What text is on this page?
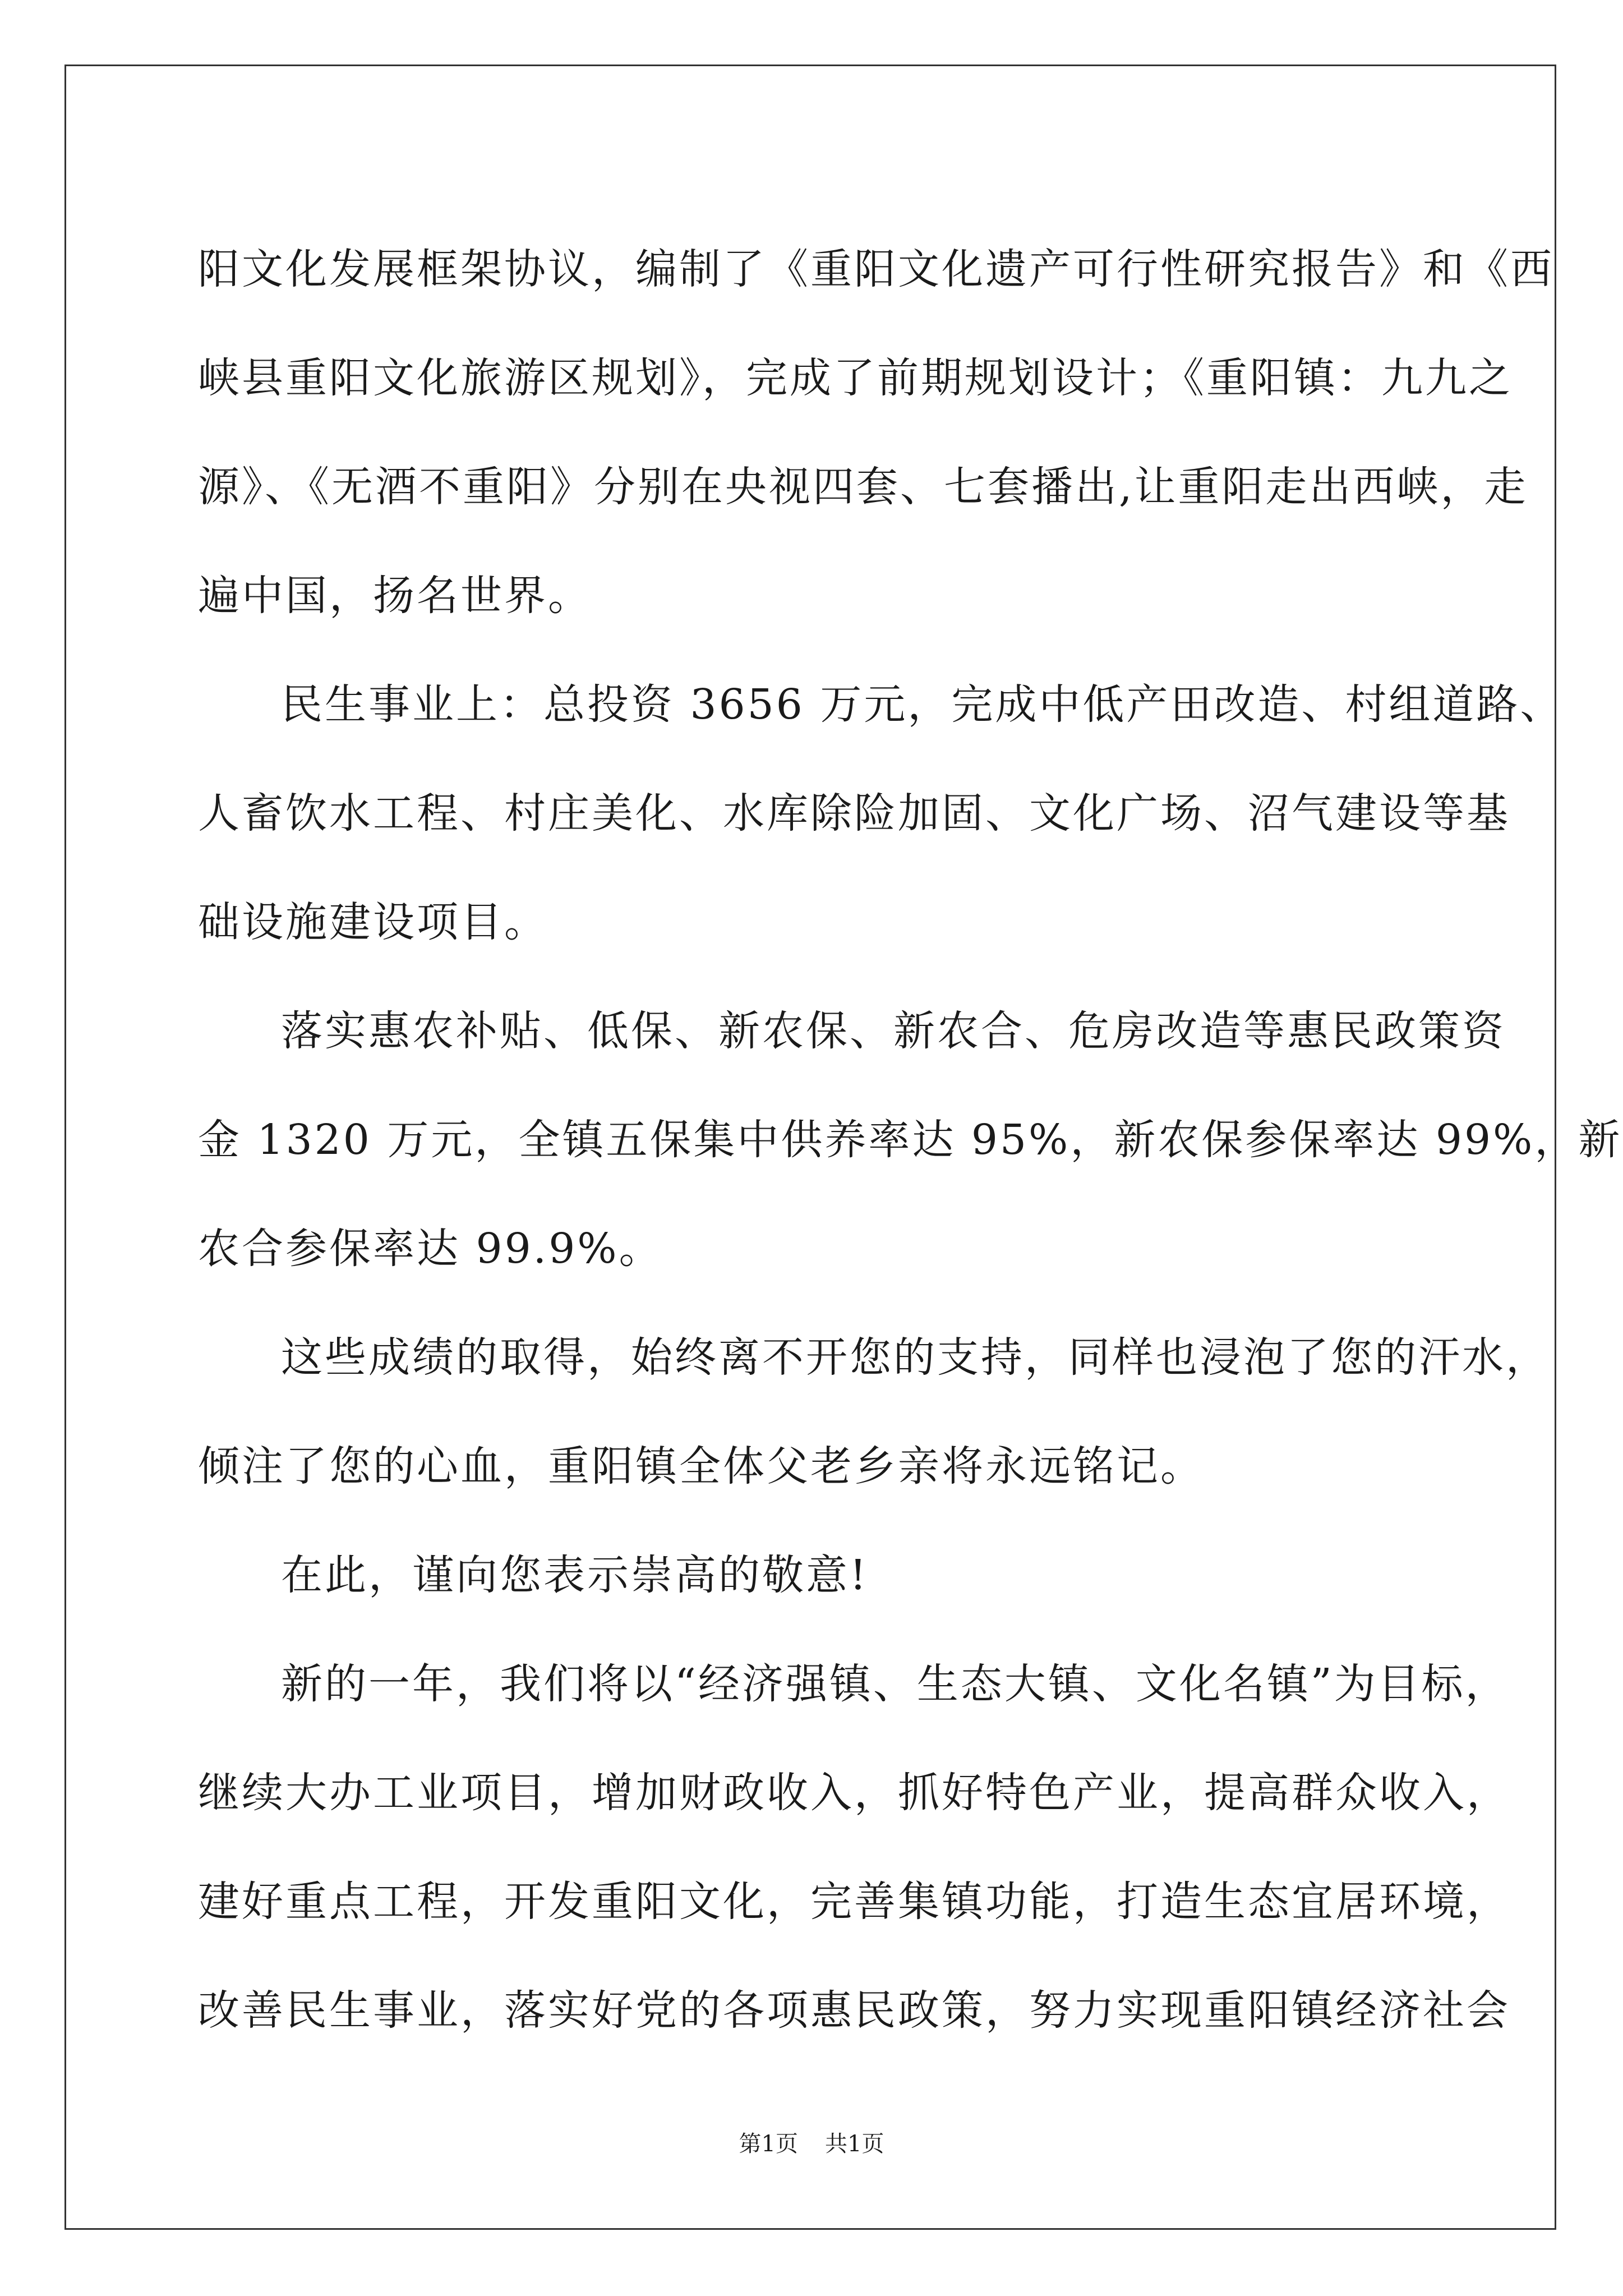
阳文化发展框架协议，编制了《重阳文化遗产可行性研究报告》和《西
峡县重阳文化旅游区规划》，完成了前期规划设计；《重阳镇：九九之
源》、《无酒不重阳》分别在央视四套、七套播出,让重阳走出西峡，走
遍中国，扬名世界。
民生事业上：总投资 3656 万元，完成中低产田改造、村组道路、
人畜饮水工程、村庄美化、水库除险加固、文化广场、沼气建设等基
础设施建设项目。
落实惠农补贴、低保、新农保、新农合、危房改造等惠民政策资
金 1320 万元，全镇五保集中供养率达 95%，新农保参保率达 99%，新
农合参保率达 99.9%。
这些成绩的取得，始终离不开您的支持，同样也浸泡了您的汗水，
倾注了您的心血，重阳镇全体父老乡亲将永远铭记。
在此，谨向您表示崇高的敬意!
新的一年，我们将以“经济强镇、生态大镇、文化名镇”为目标，
继续大办工业项目，增加财政收入，抓好特色产业，提高群众收入，
建好重点工程，开发重阳文化，完善集镇功能，打造生态宜居环境，
改善民生事业，落实好党的各项惠民政策，努力实现重阳镇经济社会
第1页 共1页
